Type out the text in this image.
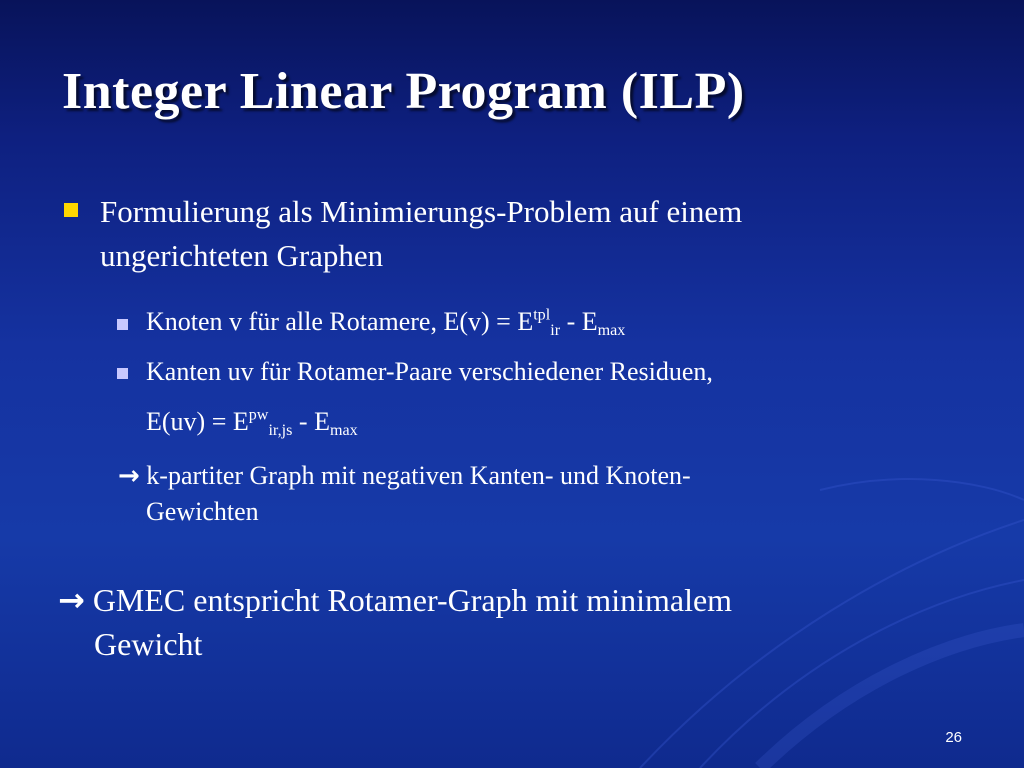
Integer Linear Program (ILP)
Formulierung als Minimierungs-Problem auf einem
ungerichteten Graphen
Knoten v für alle Rotamere, $E(v) = E^{tpl}_{ir} - E_{max}$
Kanten uv für Rotamer-Paare verschiedener Residuen,
$E(uv) = E^{pw}_{ir,js} - E_{max}$
→ k-partiter Graph mit negativen Kanten- und Knoten-
Gewichten
→ GMEC entspricht Rotamer-Graph mit minimalem
Gewicht
26
